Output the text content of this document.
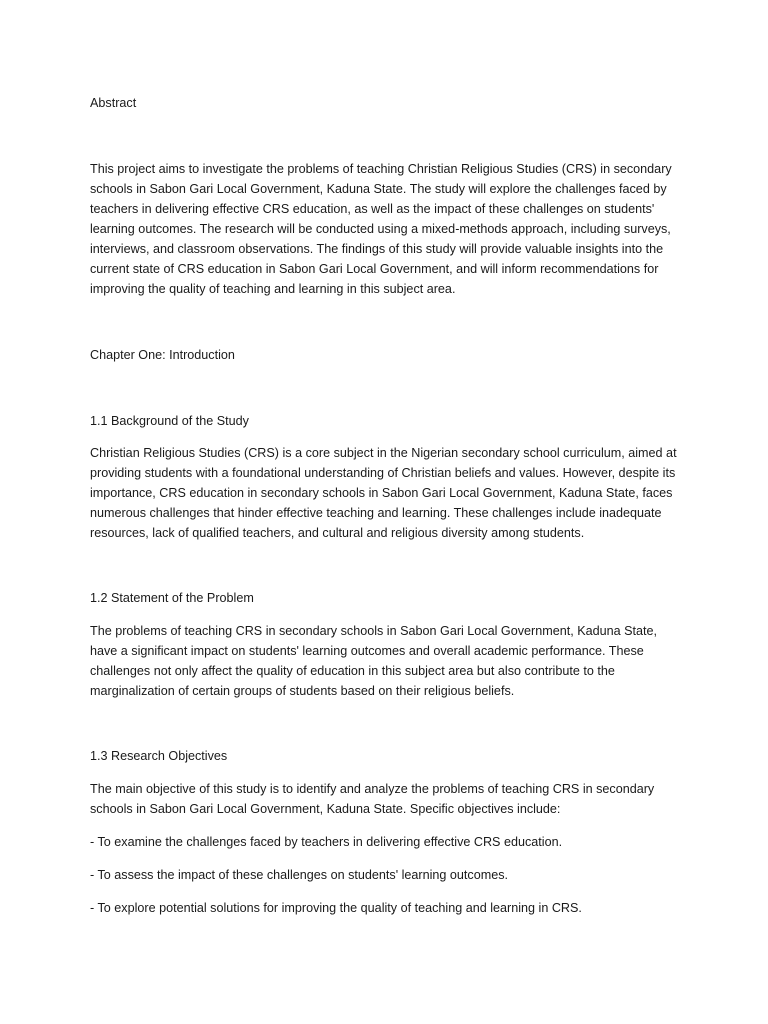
Abstract

This project aims to investigate the problems of teaching Christian Religious Studies (CRS) in secondary schools in Sabon Gari Local Government, Kaduna State. The study will explore the challenges faced by teachers in delivering effective CRS education, as well as the impact of these challenges on students' learning outcomes. The research will be conducted using a mixed-methods approach, including surveys, interviews, and classroom observations. The findings of this study will provide valuable insights into the current state of CRS education in Sabon Gari Local Government, and will inform recommendations for improving the quality of teaching and learning in this subject area.

Chapter One: Introduction

1.1 Background of the Study

Christian Religious Studies (CRS) is a core subject in the Nigerian secondary school curriculum, aimed at providing students with a foundational understanding of Christian beliefs and values. However, despite its importance, CRS education in secondary schools in Sabon Gari Local Government, Kaduna State, faces numerous challenges that hinder effective teaching and learning. These challenges include inadequate resources, lack of qualified teachers, and cultural and religious diversity among students.

1.2 Statement of the Problem

The problems of teaching CRS in secondary schools in Sabon Gari Local Government, Kaduna State, have a significant impact on students' learning outcomes and overall academic performance. These challenges not only affect the quality of education in this subject area but also contribute to the marginalization of certain groups of students based on their religious beliefs.

1.3 Research Objectives

The main objective of this study is to identify and analyze the problems of teaching CRS in secondary schools in Sabon Gari Local Government, Kaduna State. Specific objectives include:

- To examine the challenges faced by teachers in delivering effective CRS education.

- To assess the impact of these challenges on students' learning outcomes.

- To explore potential solutions for improving the quality of teaching and learning in CRS.
